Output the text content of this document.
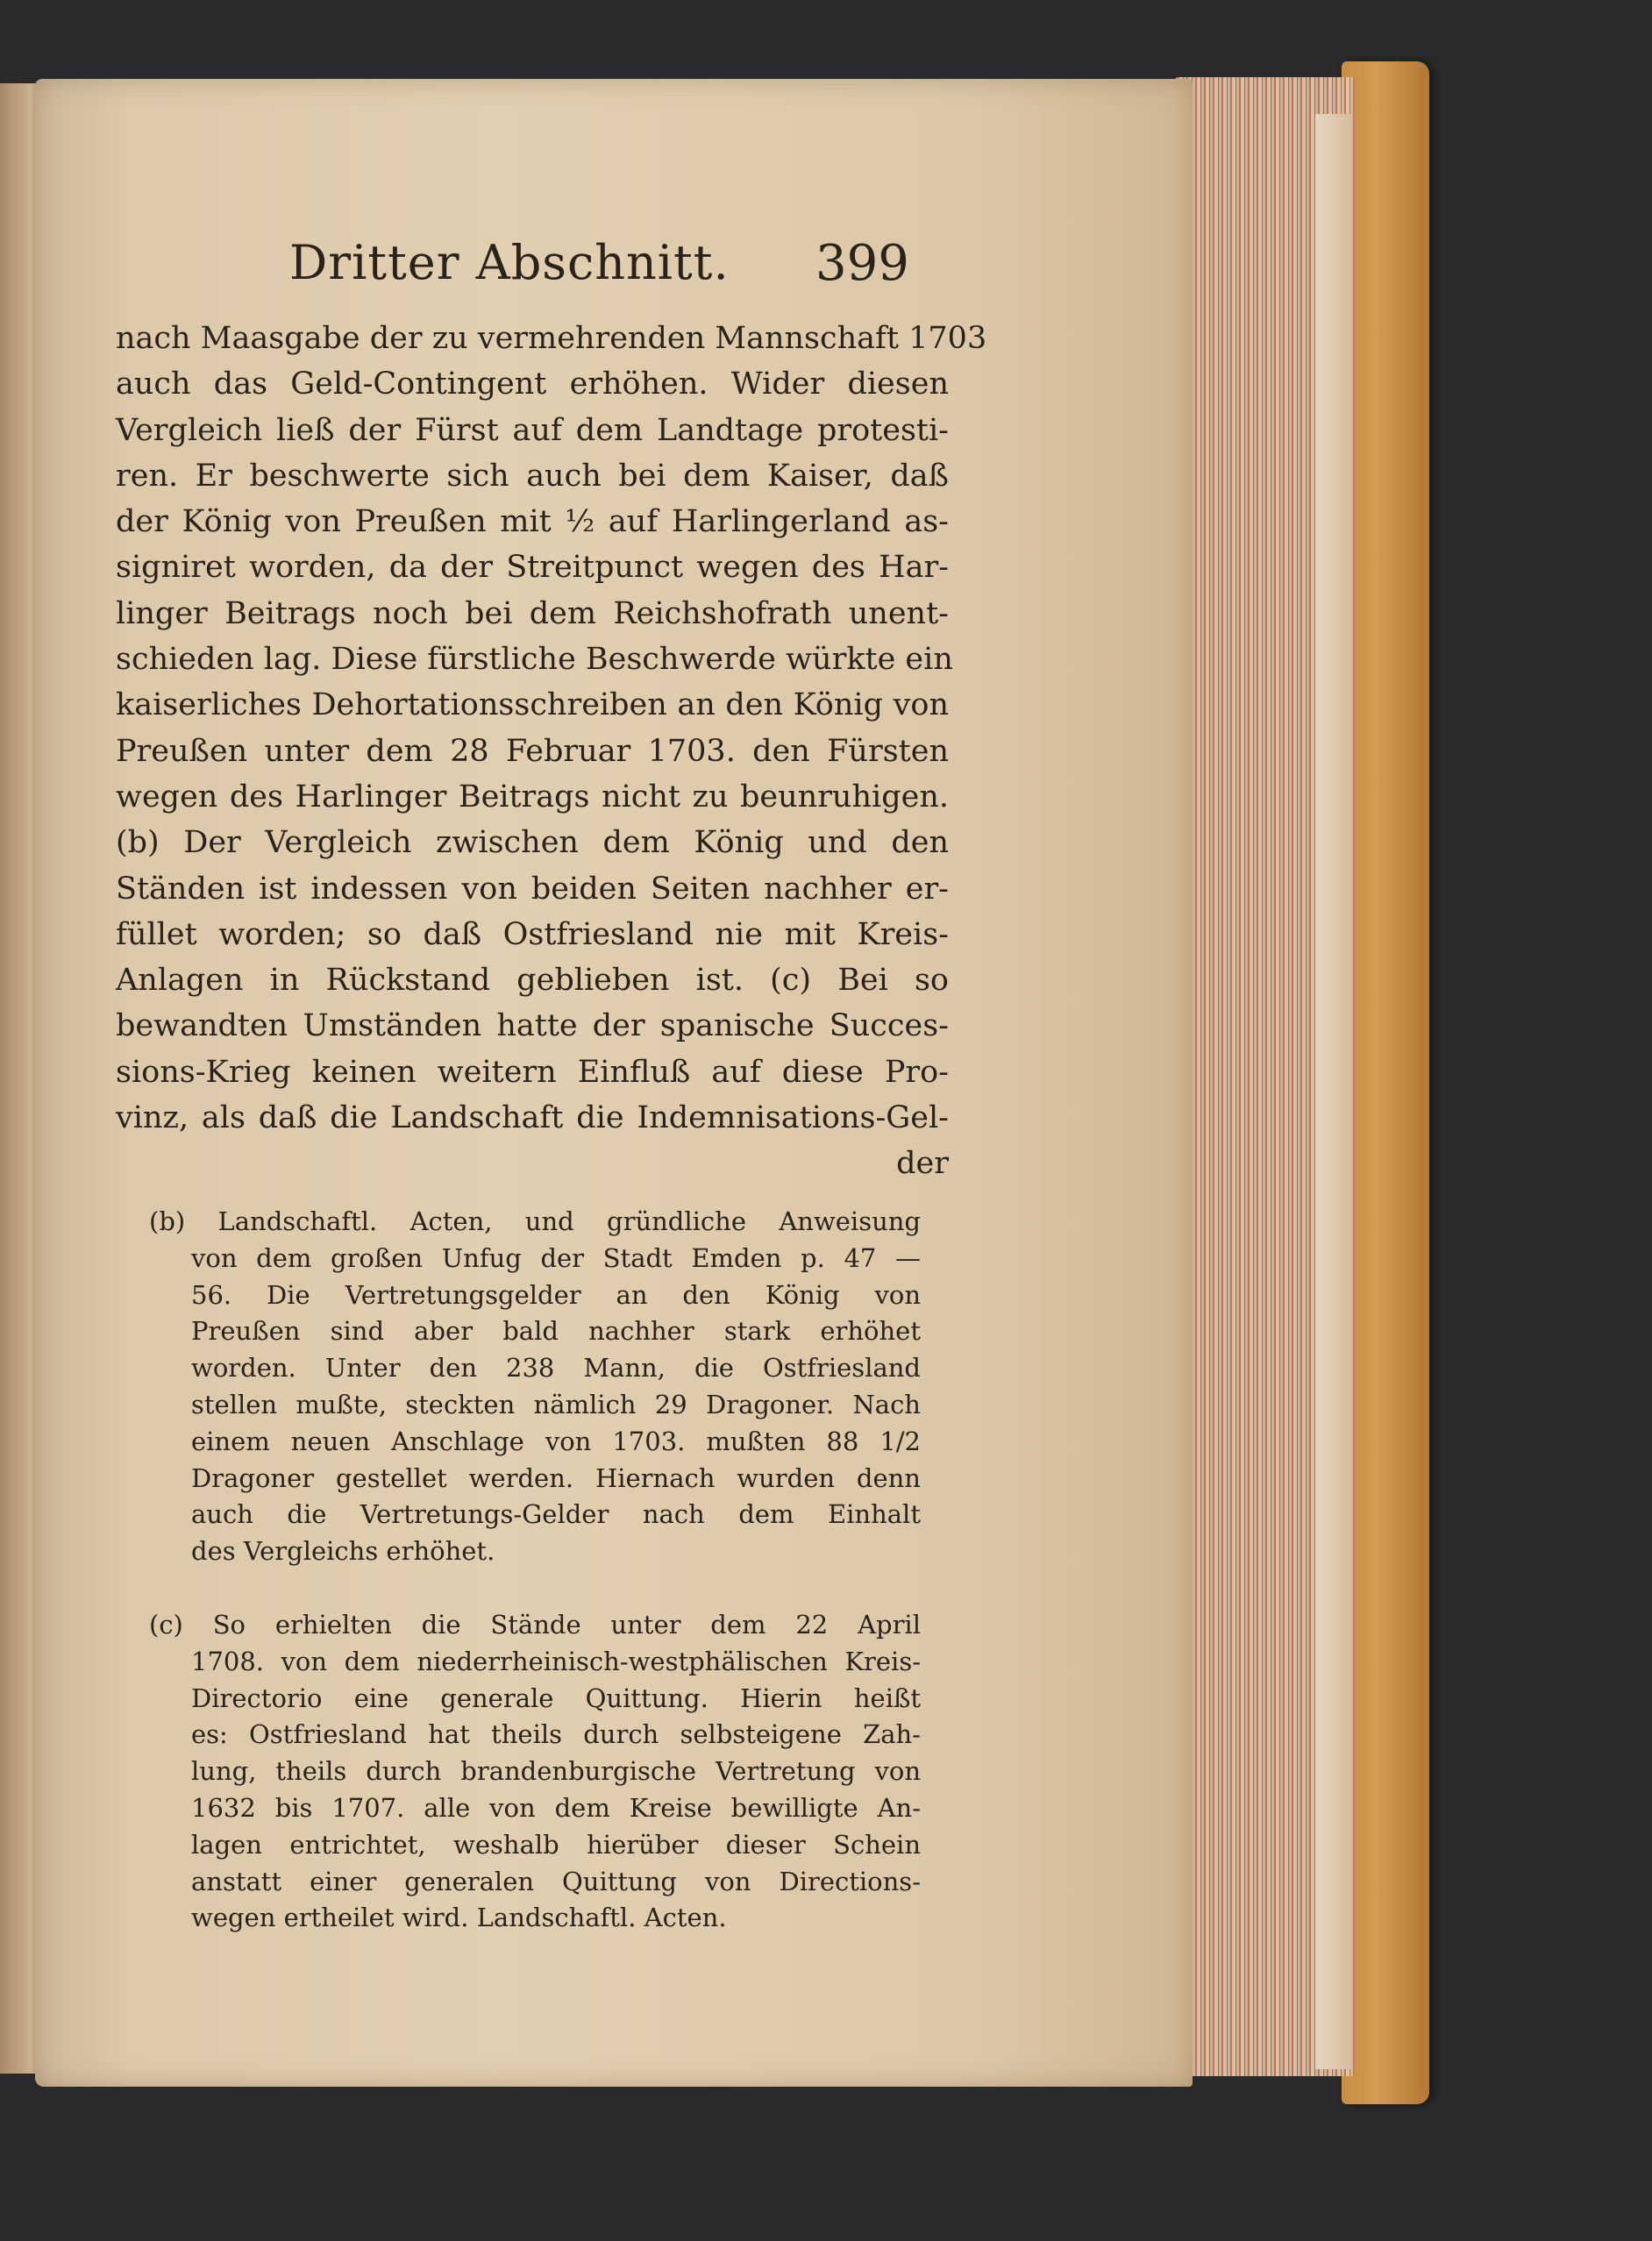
Dritter Abschnitt. 399
nach Maasgabe der zu vermehrenden Mannschaft 1703
auch das Geld-Contingent erhöhen. Wider diesen
Vergleich ließ der Fürst auf dem Landtage protesti-
ren. Er beschwerte sich auch bei dem Kaiser, daß
der König von Preußen mit ½ auf Harlingerland as-
signiret worden, da der Streitpunct wegen des Har-
linger Beitrags noch bei dem Reichshofrath unent-
schieden lag. Diese fürstliche Beschwerde würkte ein
kaiserliches Dehortationsschreiben an den König von
Preußen unter dem 28 Februar 1703. den Fürsten
wegen des Harlinger Beitrags nicht zu beunruhigen.
(b) Der Vergleich zwischen dem König und den
Ständen ist indessen von beiden Seiten nachher er-
füllet worden; so daß Ostfriesland nie mit Kreis-
Anlagen in Rückstand geblieben ist. (c) Bei so
bewandten Umständen hatte der spanische Succes-
sions-Krieg keinen weitern Einfluß auf diese Pro-
vinz, als daß die Landschaft die Indemnisations-Gel-
der
(b) Landschaftl. Acten, und gründliche Anweisung
von dem großen Unfug der Stadt Emden p. 47 —
56. Die Vertretungsgelder an den König von
Preußen sind aber bald nachher stark erhöhet
worden. Unter den 238 Mann, die Ostfriesland
stellen mußte, steckten nämlich 29 Dragoner. Nach
einem neuen Anschlage von 1703. mußten 88 1/2
Dragoner gestellet werden. Hiernach wurden denn
auch die Vertretungs-Gelder nach dem Einhalt
des Vergleichs erhöhet.
(c) So erhielten die Stände unter dem 22 April
1708. von dem niederrheinisch-westphälischen Kreis-
Directorio eine generale Quittung. Hierin heißt
es: Ostfriesland hat theils durch selbsteigene Zah-
lung, theils durch brandenburgische Vertretung von
1632 bis 1707. alle von dem Kreise bewilligte An-
lagen entrichtet, weshalb hierüber dieser Schein
anstatt einer generalen Quittung von Directions-
wegen ertheilet wird. Landschaftl. Acten.
